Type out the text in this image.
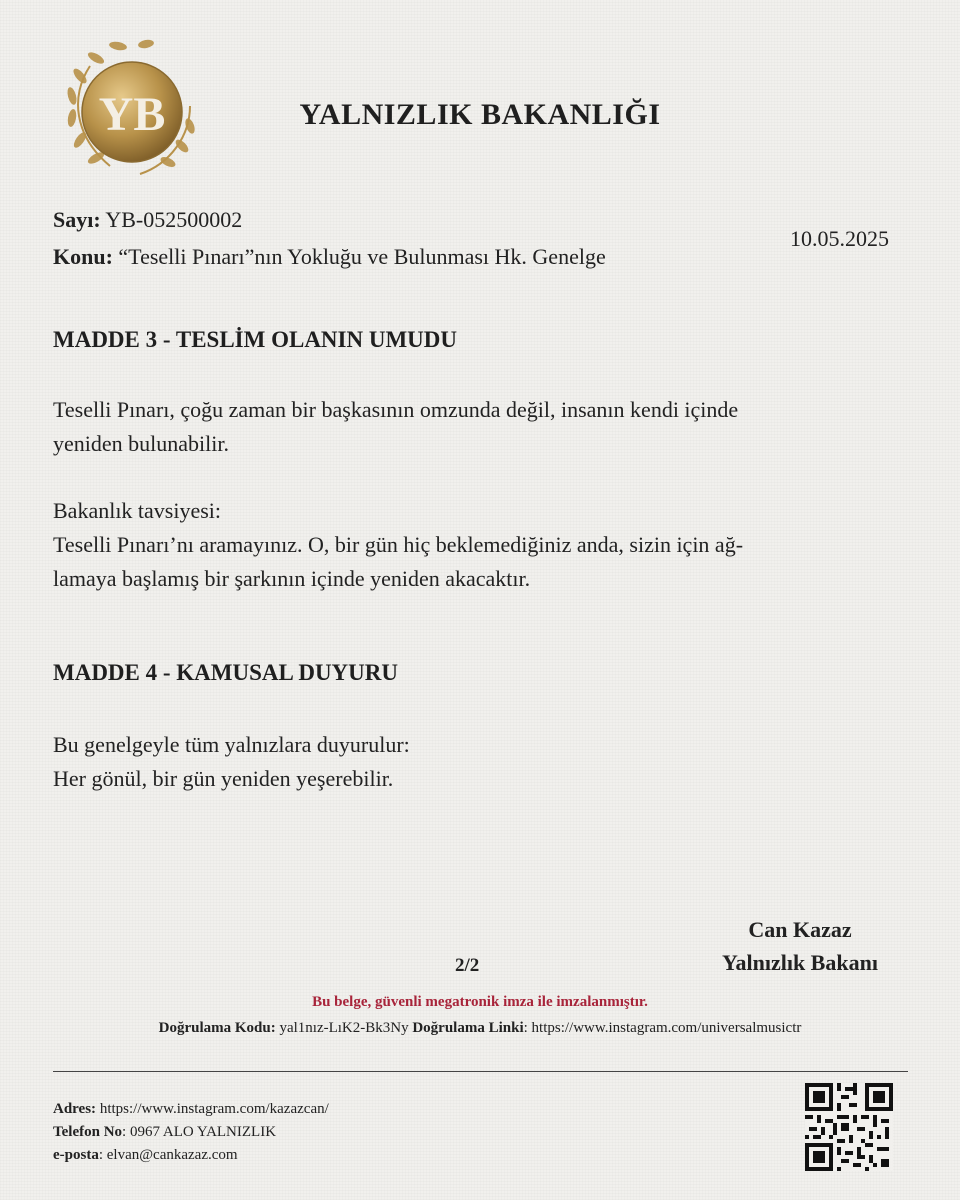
YB	YALNIZLIK BAKANLIĞI
Sayı: YB-052500002
Konu: “Teselli Pınarı”nın Yokluğu ve Bulunması Hk. Genelge
10.05.2025
MADDE 3 - TESLİM OLANIN UMUDU
Teselli Pınarı, çoğu zaman bir başkasının omzunda değil, insanın kendi içinde
yeniden bulunabilir.
Bakanlık tavsiyesi:
Teselli Pınarı’nı aramayınız. O, bir gün hiç beklemediğiniz anda, sizin için ağ-
lamaya başlamış bir şarkının içinde yeniden akacaktır.
MADDE 4 - KAMUSAL DUYURU
Bu genelgeyle tüm yalnızlara duyurulur:
Her gönül, bir gün yeniden yeşerebilir.
Can Kazaz
Yalnızlık Bakanı
2/2
Bu belge, güvenli megatronik imza ile imzalanmıştır.
Doğrulama Kodu: yal1nız-LıK2-Bk3Ny Doğrulama Linki: https://www.instagram.com/universalmusictr
Adres: https://www.instagram.com/kazazcan/
Telefon No: 0967 ALO YALNIZLIK
e-posta: elvan@cankazaz.com
